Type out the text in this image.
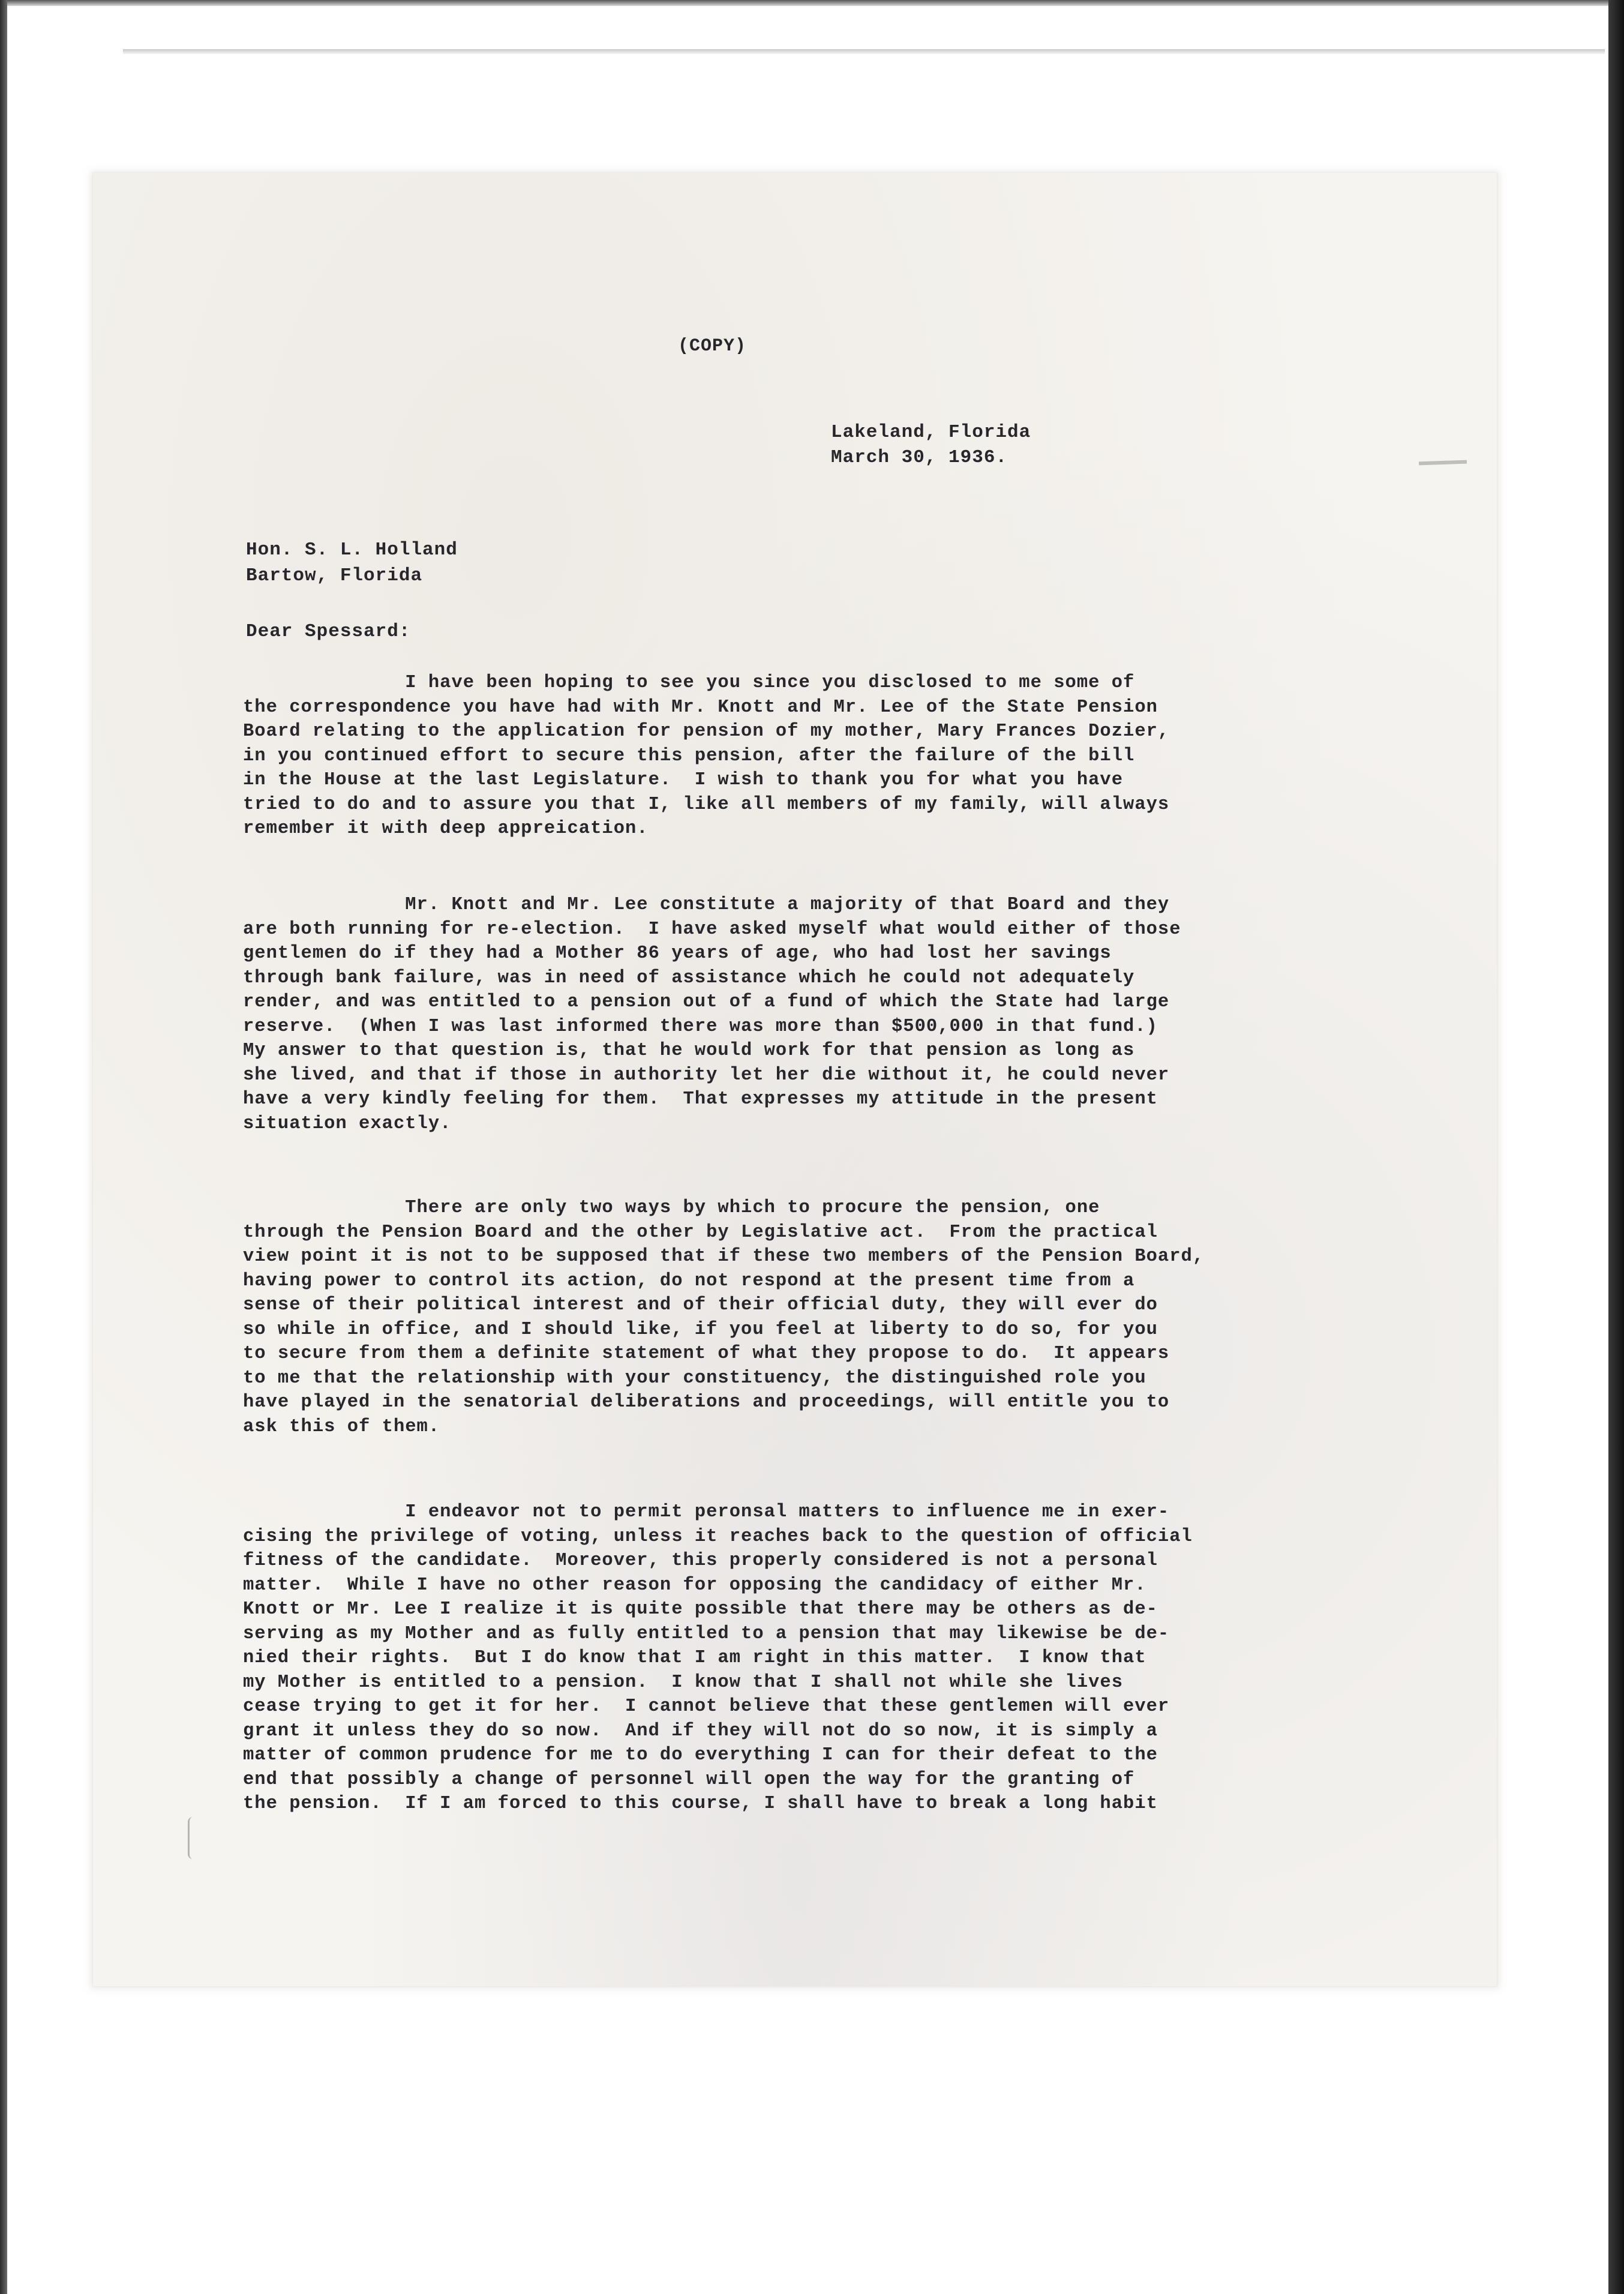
(COPY)
Lakeland, Florida
March 30, 1936.
Hon. S. L. Holland
Bartow, Florida
Dear Spessard:
I have been hoping to see you since you disclosed to me some of
the correspondence you have had with Mr. Knott and Mr. Lee of the State Pension
Board relating to the application for pension of my mother, Mary Frances Dozier,
in you continued effort to secure this pension, after the failure of the bill
in the House at the last Legislature.  I wish to thank you for what you have
tried to do and to assure you that I, like all members of my family, will always
remember it with deep appreication.
Mr. Knott and Mr. Lee constitute a majority of that Board and they
are both running for re-election.  I have asked myself what would either of those
gentlemen do if they had a Mother 86 years of age, who had lost her savings
through bank failure, was in need of assistance which he could not adequately
render, and was entitled to a pension out of a fund of which the State had large
reserve.  (When I was last informed there was more than $500,000 in that fund.)
My answer to that question is, that he would work for that pension as long as
she lived, and that if those in authority let her die without it, he could never
have a very kindly feeling for them.  That expresses my attitude in the present
situation exactly.
There are only two ways by which to procure the pension, one
through the Pension Board and the other by Legislative act.  From the practical
view point it is not to be supposed that if these two members of the Pension Board,
having power to control its action, do not respond at the present time from a
sense of their political interest and of their official duty, they will ever do
so while in office, and I should like, if you feel at liberty to do so, for you
to secure from them a definite statement of what they propose to do.  It appears
to me that the relationship with your constituency, the distinguished role you
have played in the senatorial deliberations and proceedings, will entitle you to
ask this of them.
I endeavor not to permit peronsal matters to influence me in exer-
cising the privilege of voting, unless it reaches back to the question of official
fitness of the candidate.  Moreover, this properly considered is not a personal
matter.  While I have no other reason for opposing the candidacy of either Mr.
Knott or Mr. Lee I realize it is quite possible that there may be others as de-
serving as my Mother and as fully entitled to a pension that may likewise be de-
nied their rights.  But I do know that I am right in this matter.  I know that
my Mother is entitled to a pension.  I know that I shall not while she lives
cease trying to get it for her.  I cannot believe that these gentlemen will ever
grant it unless they do so now.  And if they will not do so now, it is simply a
matter of common prudence for me to do everything I can for their defeat to the
end that possibly a change of personnel will open the way for the granting of
the pension.  If I am forced to this course, I shall have to break a long habit
